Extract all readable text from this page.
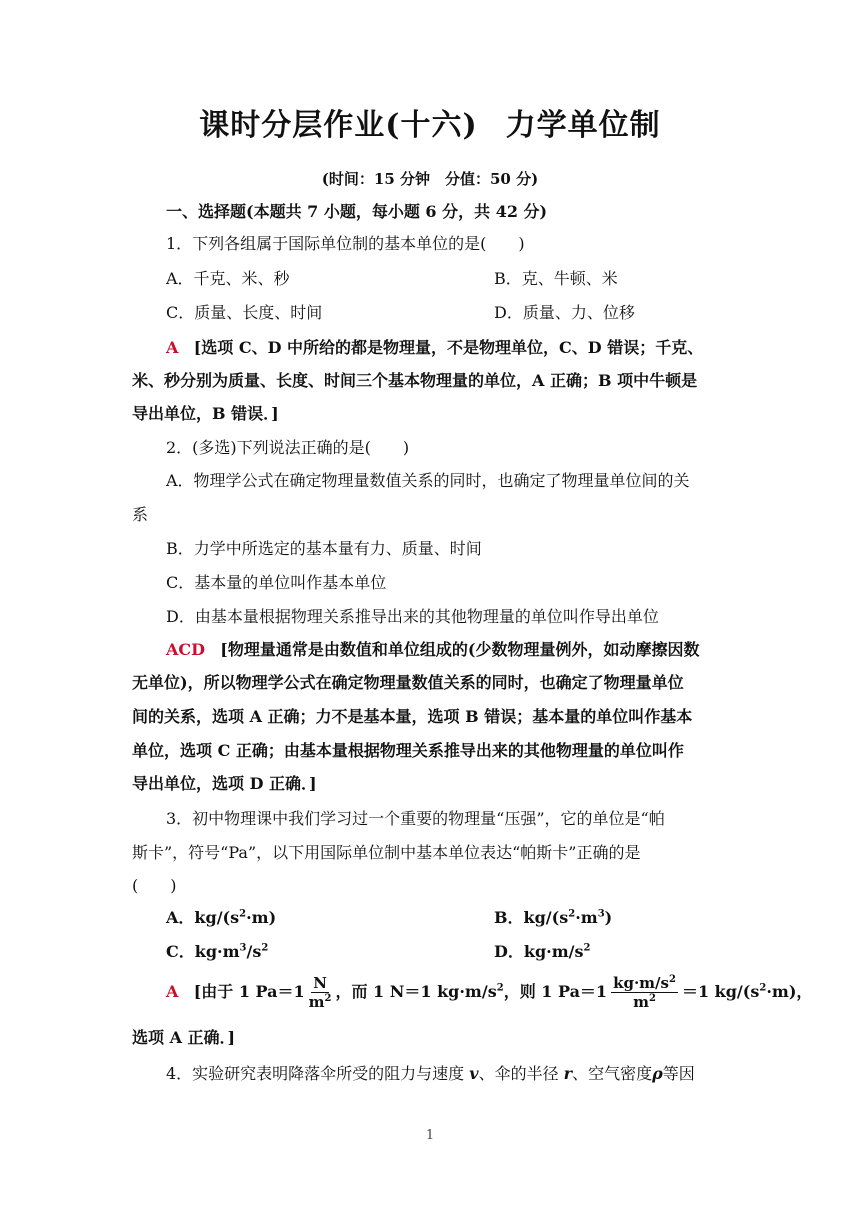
课时分层作业(十六) 力学单位制
(时间：15 分钟　分值：50 分)
一、选择题(本题共 7 小题，每小题 6 分，共 42 分)
1．下列各组属于国际单位制的基本单位的是(　　)
A．千克、米、秒	B．克、牛顿、米
C．质量、长度、时间	D．质量、力、位移
A [选项 C、D 中所给的都是物理量，不是物理单位，C、D 错误；千克、
米、秒分别为质量、长度、时间三个基本物理量的单位，A 正确；B 项中牛顿是
导出单位，B 错误．]
2．(多选)下列说法正确的是(　　)
A．物理学公式在确定物理量数值关系的同时，也确定了物理量单位间的关
系
B．力学中所选定的基本量有力、质量、时间
C．基本量的单位叫作基本单位
D．由基本量根据物理关系推导出来的其他物理量的单位叫作导出单位
ACD [物理量通常是由数值和单位组成的(少数物理量例外，如动摩擦因数
无单位)，所以物理学公式在确定物理量数值关系的同时，也确定了物理量单位
间的关系，选项 A 正确；力不是基本量，选项 B 错误；基本量的单位叫作基本
单位，选项 C 正确；由基本量根据物理关系推导出来的其他物理量的单位叫作
导出单位，选项 D 正确．]
3．初中物理课中我们学习过一个重要的物理量“压强”，它的单位是“帕
斯卡”，符号“Pa”，以下用国际单位制中基本单位表达“帕斯卡”正确的是
(　　)
A．$kg/(s^2\cdot m)$	B．$kg/(s^2\cdot m^3)$
C．$kg\cdot m^3/s^2$	D．$kg\cdot m/s^2$
A [由于 1 $Pa=1 \frac{N}{m^2}$ ，而 1 N＝1 $kg\cdot m/s^2$，则 1 $Pa=1 \frac{kg\cdot m/s^2}{m^2} =1$ $kg/(s^2\cdot m)$，
选项 A 正确．]
4．实验研究表明降落伞所受的阻力与速度 v、伞的半径 r、空气密度ρ等因
1
